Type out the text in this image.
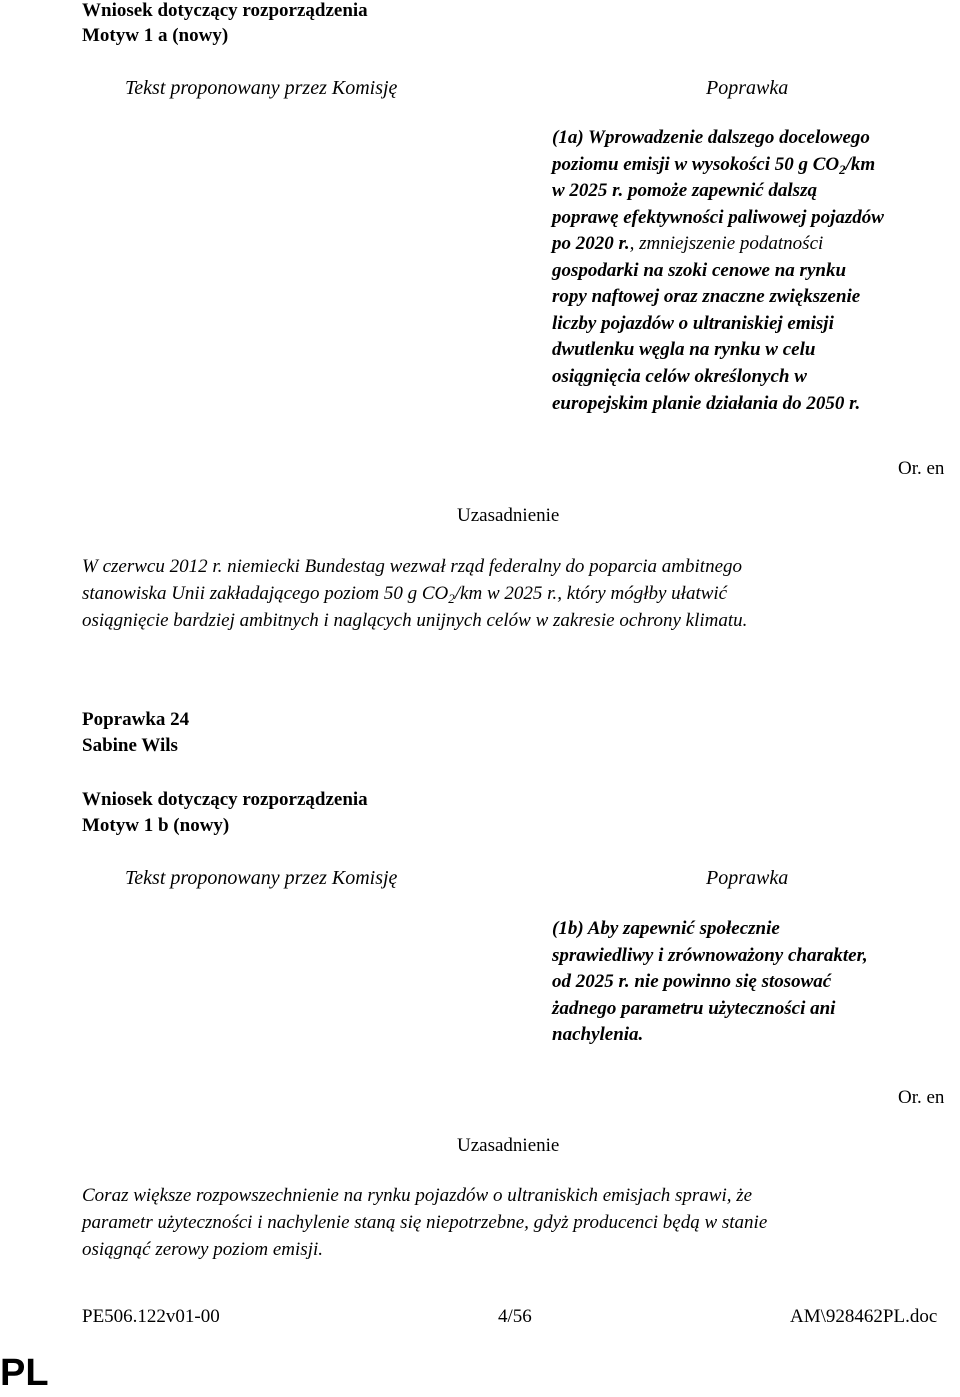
Wniosek dotyczący rozporządzenia
Motyw 1 a (nowy)
Tekst proponowany przez Komisję	Poprawka
(1a) Wprowadzenie dalszego docelowego
poziomu emisji w wysokości 50 g $CO_2/km$
w 2025 r. pomoże zapewnić dalszą
poprawę efektywności paliwowej pojazdów
po 2020 r., zmniejszenie podatności
gospodarki na szoki cenowe na rynku
ropy naftowej oraz znaczne zwiększenie
liczby pojazdów o ultraniskiej emisji
dwutlenku węgla na rynku w celu
osiągnięcia celów określonych w
europejskim planie działania do 2050 r.
Or. en
Uzasadnienie
W czerwcu 2012 r. niemiecki Bundestag wezwał rząd federalny do poparcia ambitnego
stanowiska Unii zakładającego poziom 50 g $CO_2/km$ w 2025 r., który mógłby ułatwić
osiągnięcie bardziej ambitnych i naglących unijnych celów w zakresie ochrony klimatu.
Poprawka 24
Sabine Wils
Wniosek dotyczący rozporządzenia
Motyw 1 b (nowy)
Tekst proponowany przez Komisję	Poprawka
(1b) Aby zapewnić społecznie
sprawiedliwy i zrównoważony charakter,
od 2025 r. nie powinno się stosować
żadnego parametru użyteczności ani
nachylenia.
Or. en
Uzasadnienie
Coraz większe rozpowszechnienie na rynku pojazdów o ultraniskich emisjach sprawi, że
parametr użyteczności i nachylenie staną się niepotrzebne, gdyż producenci będą w stanie
osiągnąć zerowy poziom emisji.
PE506.122v01-00	4/56	AM\928462PL.doc
PL
